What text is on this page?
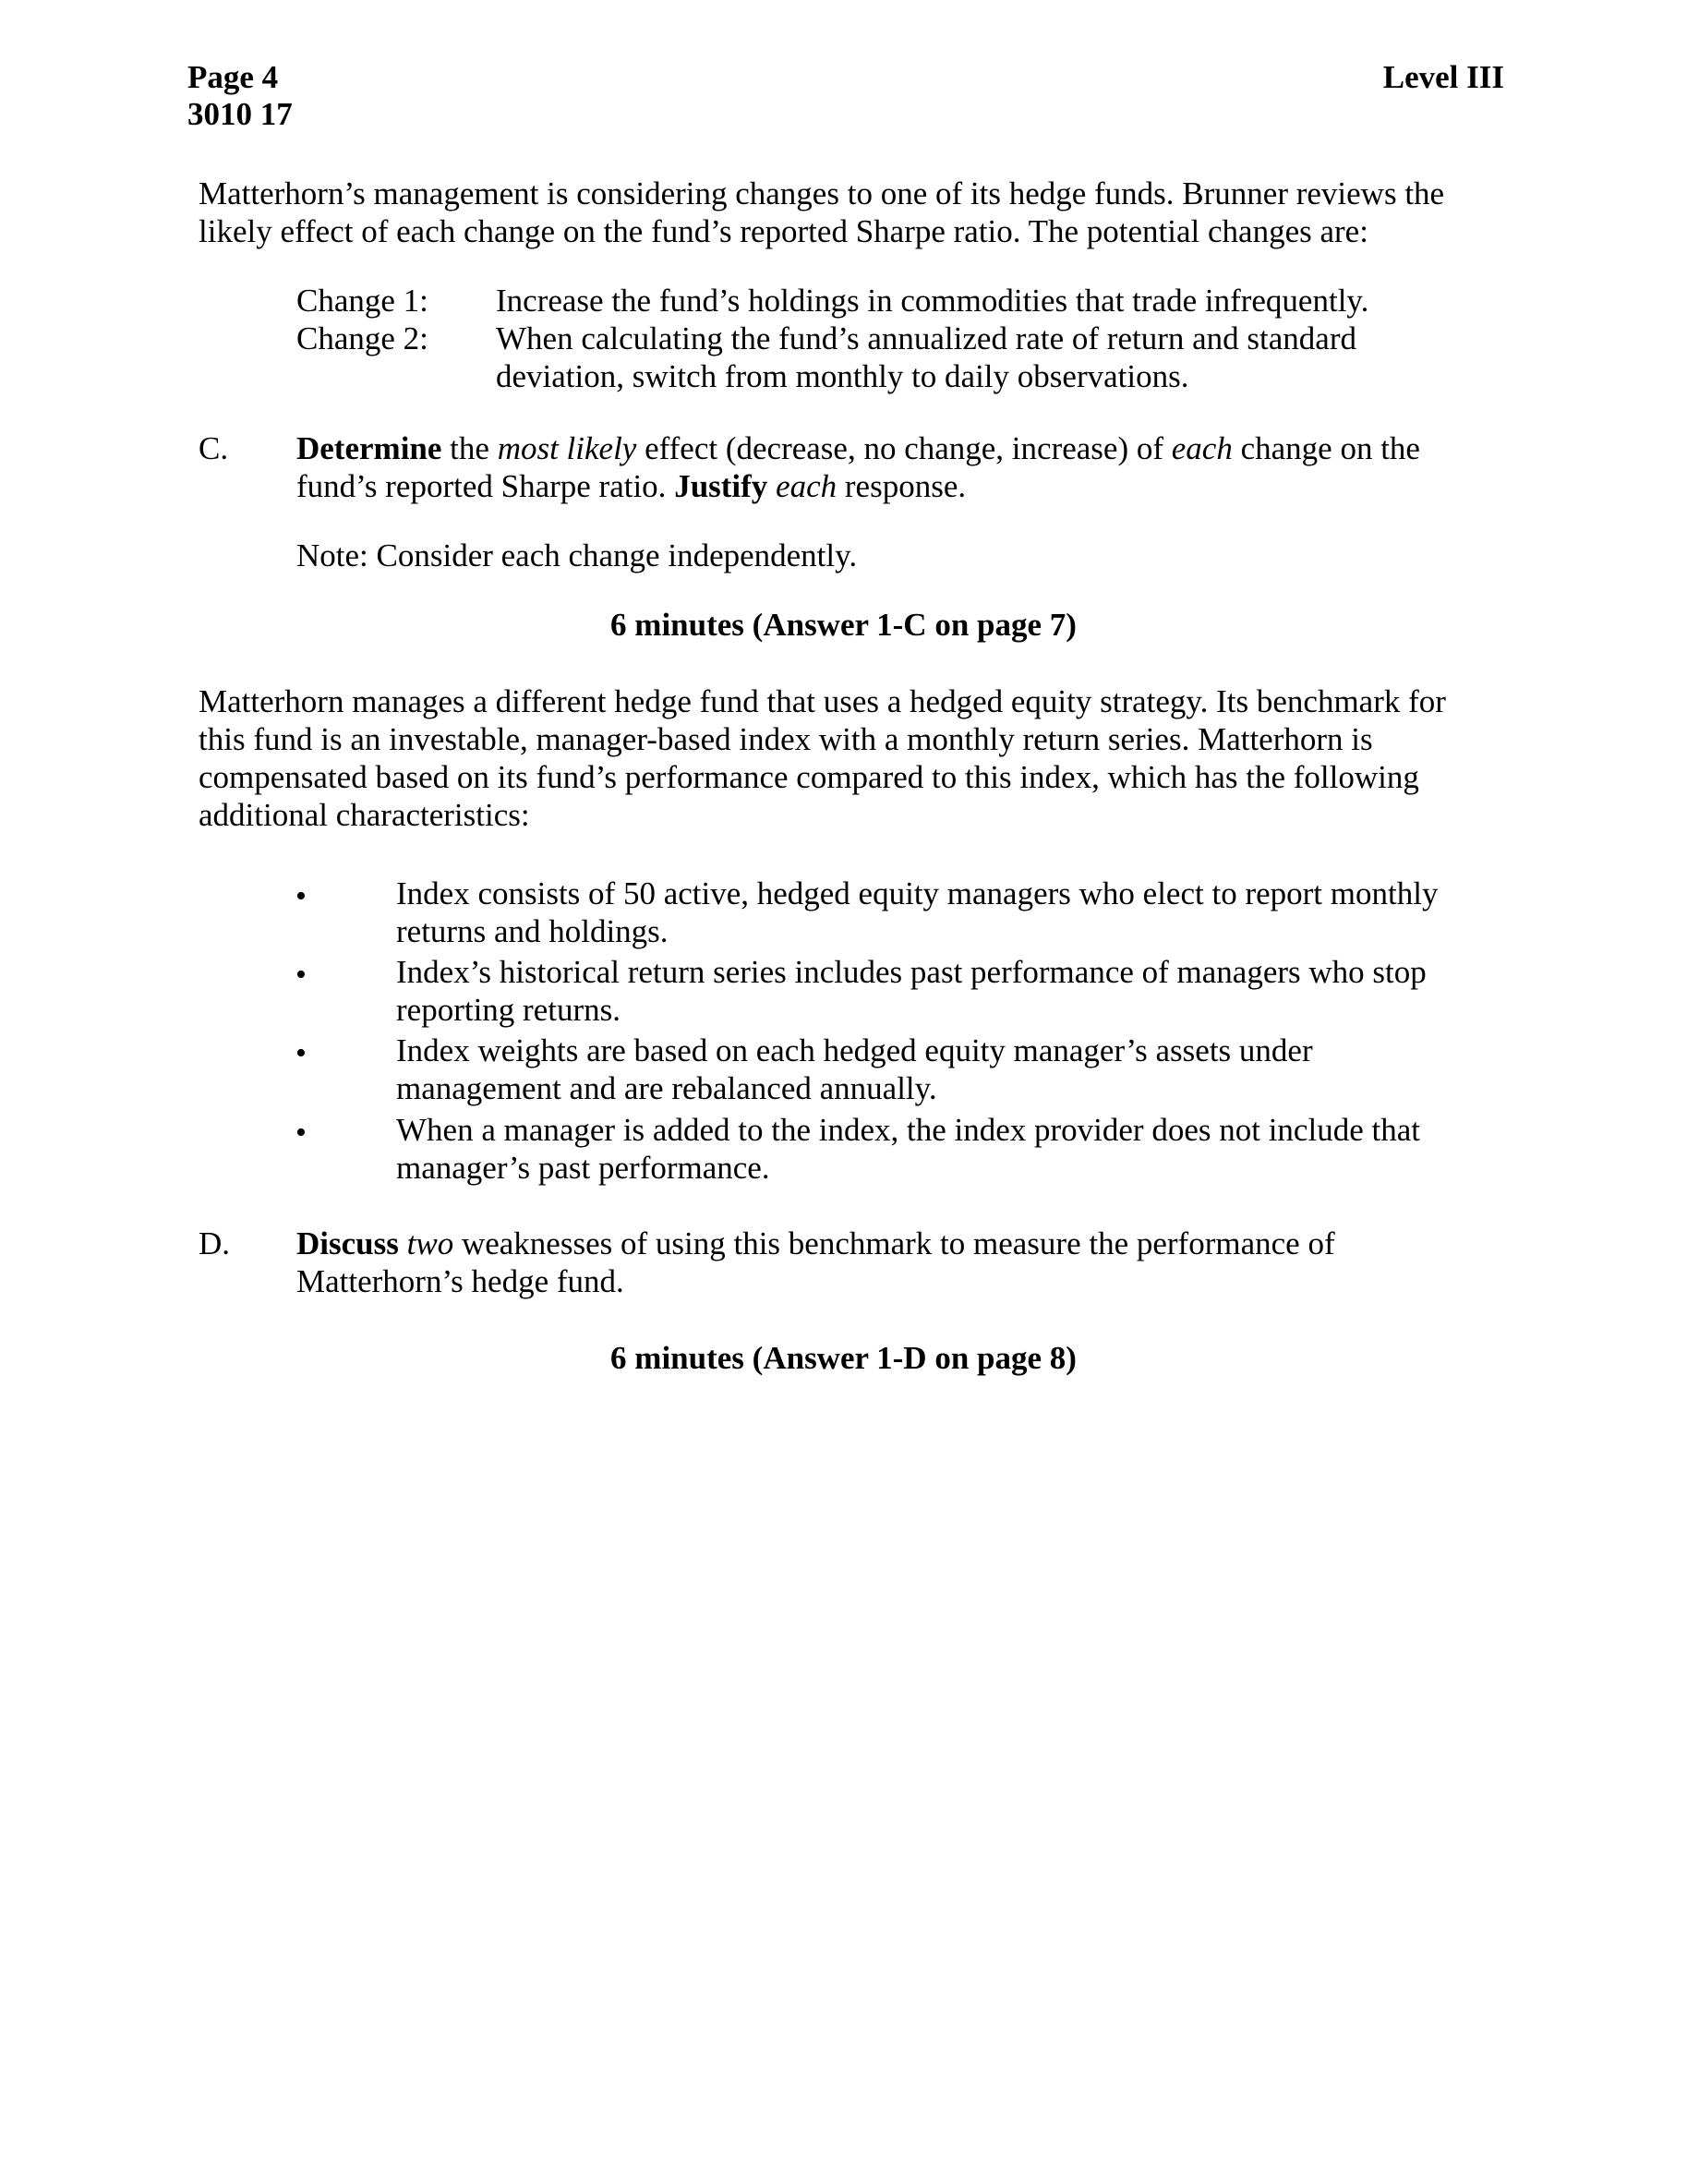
Page 4
3010 17
Level III
Matterhorn’s management is considering changes to one of its hedge funds. Brunner reviews the
likely effect of each change on the fund’s reported Sharpe ratio. The potential changes are:
Change 1: Increase the fund’s holdings in commodities that trade infrequently.
Change 2: When calculating the fund’s annualized rate of return and standard
deviation, switch from monthly to daily observations.
C. Determine the most likely effect (decrease, no change, increase) of each change on the
fund’s reported Sharpe ratio. Justify each response.
Note: Consider each change independently.
6 minutes (Answer 1-C on page 7)
Matterhorn manages a different hedge fund that uses a hedged equity strategy. Its benchmark for
this fund is an investable, manager-based index with a monthly return series. Matterhorn is
compensated based on its fund’s performance compared to this index, which has the following
additional characteristics:
•	Index consists of 50 active, hedged equity managers who elect to report monthly
returns and holdings.
•	Index’s historical return series includes past performance of managers who stop
reporting returns.
•	Index weights are based on each hedged equity manager’s assets under
management and are rebalanced annually.
•	When a manager is added to the index, the index provider does not include that
manager’s past performance.
D. Discuss two weaknesses of using this benchmark to measure the performance of
Matterhorn’s hedge fund.
6 minutes (Answer 1-D on page 8)
